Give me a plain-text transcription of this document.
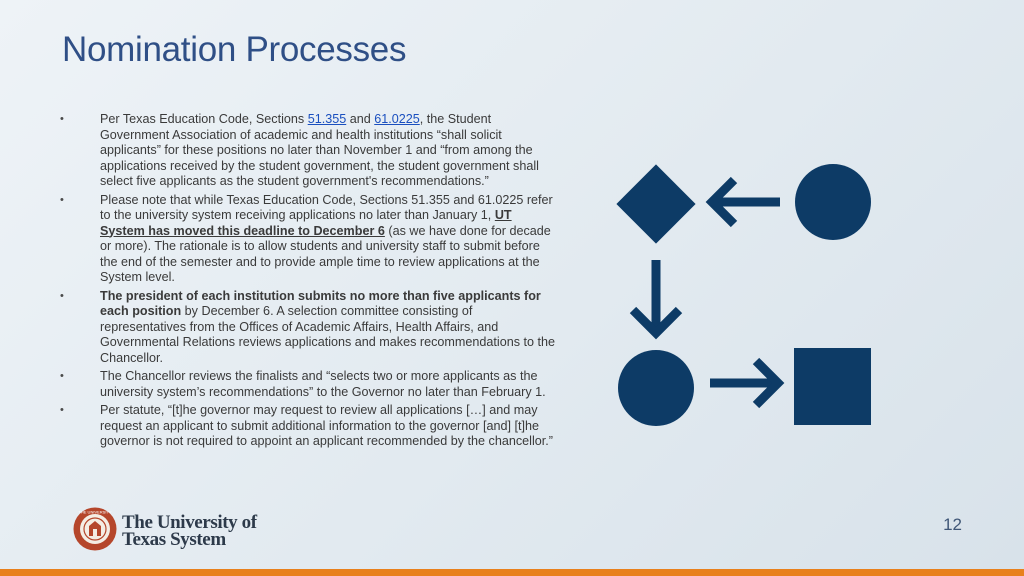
Nomination Processes
•	Per Texas Education Code, Sections 51.355 and 61.0225, the Student Government Association of academic and health institutions “shall solicit applicants” for these positions no later than November 1 and “from among the applications received by the student government, the student government shall select five applicants as the student government's recommendations.”
•	Please note that while Texas Education Code, Sections 51.355 and 61.0225 refer to the university system receiving applications no later than January 1, UT System has moved this deadline to December 6 (as we have done for decade or more). The rationale is to allow students and university staff to submit before the end of the semester and to provide ample time to review applications at the System level.
•	The president of each institution submits no more than five applicants for each position by December 6. A selection committee consisting of representatives from the Offices of Academic Affairs, Health Affairs, and Governmental Relations reviews applications and makes recommendations to the Chancellor.
•	The Chancellor reviews the finalists and “selects two or more applicants as the university system’s recommendations” to the Governor no later than February 1.
•	Per statute, “[t]he governor may request to review all applications […] and may request an applicant to submit additional information to the governor [and] [t]he governor is not required to appoint an applicant recommended by the chancellor.”
THE UNIVERSITY The University of
Texas System
12
